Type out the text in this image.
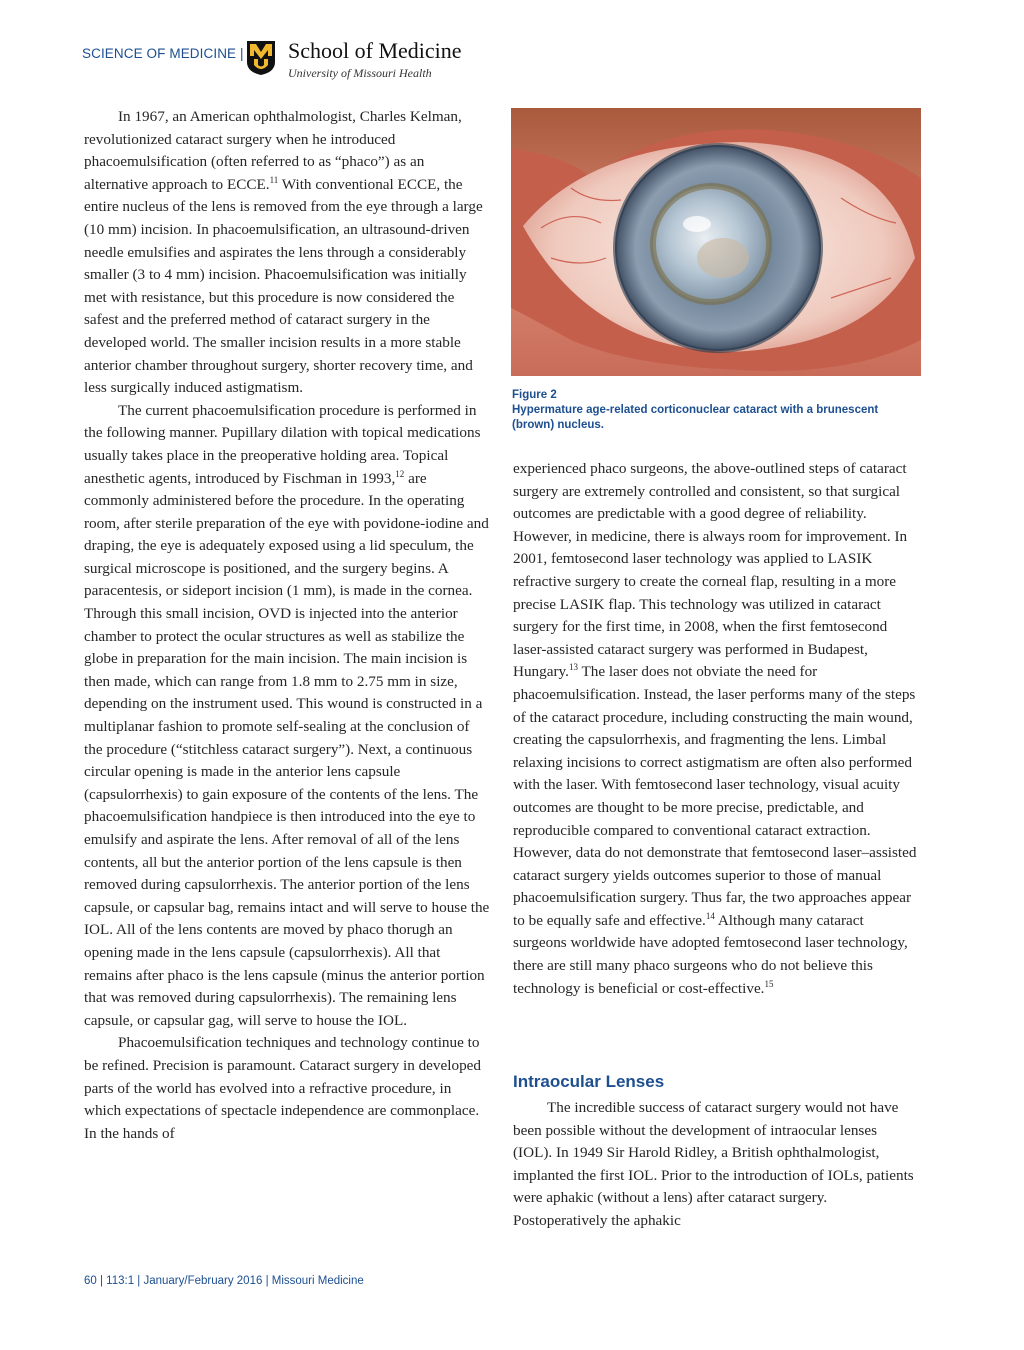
SCIENCE OF MEDICINE | School of Medicine
University of Missouri Health

In 1967, an American ophthalmologist, Charles Kelman, revolutionized cataract surgery when he introduced phacoemulsification (often referred to as “phaco”) as an alternative approach to ECCE.$^{11}$ With conventional ECCE, the entire nucleus of the lens is removed from the eye through a large (10 mm) incision. In phacoemulsification, an ultrasound-driven needle emulsifies and aspirates the lens through a considerably smaller (3 to 4 mm) incision. Phacoemulsification was initially met with resistance, but this procedure is now considered the safest and the preferred method of cataract surgery in the developed world. The smaller incision results in a more stable anterior chamber throughout surgery, shorter recovery time, and less surgically induced astigmatism.

The current phacoemulsification procedure is performed in the following manner. Pupillary dilation with topical medications usually takes place in the preoperative holding area. Topical anesthetic agents, introduced by Fischman in 1993,12 are commonly administered before the procedure. In the operating room, after sterile preparation of the eye with povidone-iodine and draping, the eye is adequately exposed using a lid speculum, the surgical microscope is positioned, and the surgery begins. A paracentesis, or sideport incision (1 mm), is made in the cornea. Through this small incision, OVD is injected into the anterior chamber to protect the ocular structures as well as stabilize the globe in preparation for the main incision. The main incision is then made, which can range from 1.8 mm to 2.75 mm in size, depending on the instrument used. This wound is constructed in a multiplanar fashion to promote self-sealing at the conclusion of the procedure (“stitchless cataract surgery”). Next, a continuous circular opening is made in the anterior lens capsule (capsulorrhexis) to gain exposure of the contents of the lens. The phacoemulsification handpiece is then introduced into the eye to emulsify and aspirate the lens. After removal of all of the lens contents, all but the anterior portion of the lens capsule is then removed during capsulorrhexis. The anterior portion of the lens capsule, or capsular bag, remains intact and will serve to house the IOL. All of the lens contents are moved by phaco thorugh an opening made in the lens capsule (capsulorrhexis). All that remains after phaco is the lens capsule (minus the anterior portion that was removed during capsulorrhexis). The remaining lens capsule, or capsular gag, will serve to house the IOL.

Phacoemulsification techniques and technology continue to be refined. Precision is paramount. Cataract surgery in developed parts of the world has evolved into a refractive procedure, in which expectations of spectacle independence are commonplace. In the hands of

Figure 2
Hypermature age-related corticonuclear cataract with a brunescent (brown) nucleus.

experienced phaco surgeons, the above-outlined steps of cataract surgery are extremely controlled and consistent, so that surgical outcomes are predictable with a good degree of reliability. However, in medicine, there is always room for improvement. In 2001, femtosecond laser technology was applied to LASIK refractive surgery to create the corneal flap, resulting in a more precise LASIK flap. This technology was utilized in cataract surgery for the first time, in 2008, when the first femtosecond laser-assisted cataract surgery was performed in Budapest, Hungary.$^{13}$ The laser does not obviate the need for phacoemulsification. Instead, the laser performs many of the steps of the cataract procedure, including constructing the main wound, creating the capsulorrhexis, and fragmenting the lens. Limbal relaxing incisions to correct astigmatism are often also performed with the laser. With femtosecond laser technology, visual acuity outcomes are thought to be more precise, predictable, and reproducible compared to conventional cataract extraction. However, data do not demonstrate that femtosecond laser–assisted cataract surgery yields outcomes superior to those of manual phacoemulsification surgery. Thus far, the two approaches appear to be equally safe and effective.$^{14}$ Although many cataract surgeons worldwide have adopted femtosecond laser technology, there are still many phaco surgeons who do not believe this technology is beneficial or cost-effective.$^{15}$

Intraocular Lenses

The incredible success of cataract surgery would not have been possible without the development of intraocular lenses (IOL). In 1949 Sir Harold Ridley, a British ophthalmologist, implanted the first IOL. Prior to the introduction of IOLs, patients were aphakic (without a lens) after cataract surgery. Postoperatively the aphakic

60 | 113:1 | January/February 2016 | Missouri Medicine
